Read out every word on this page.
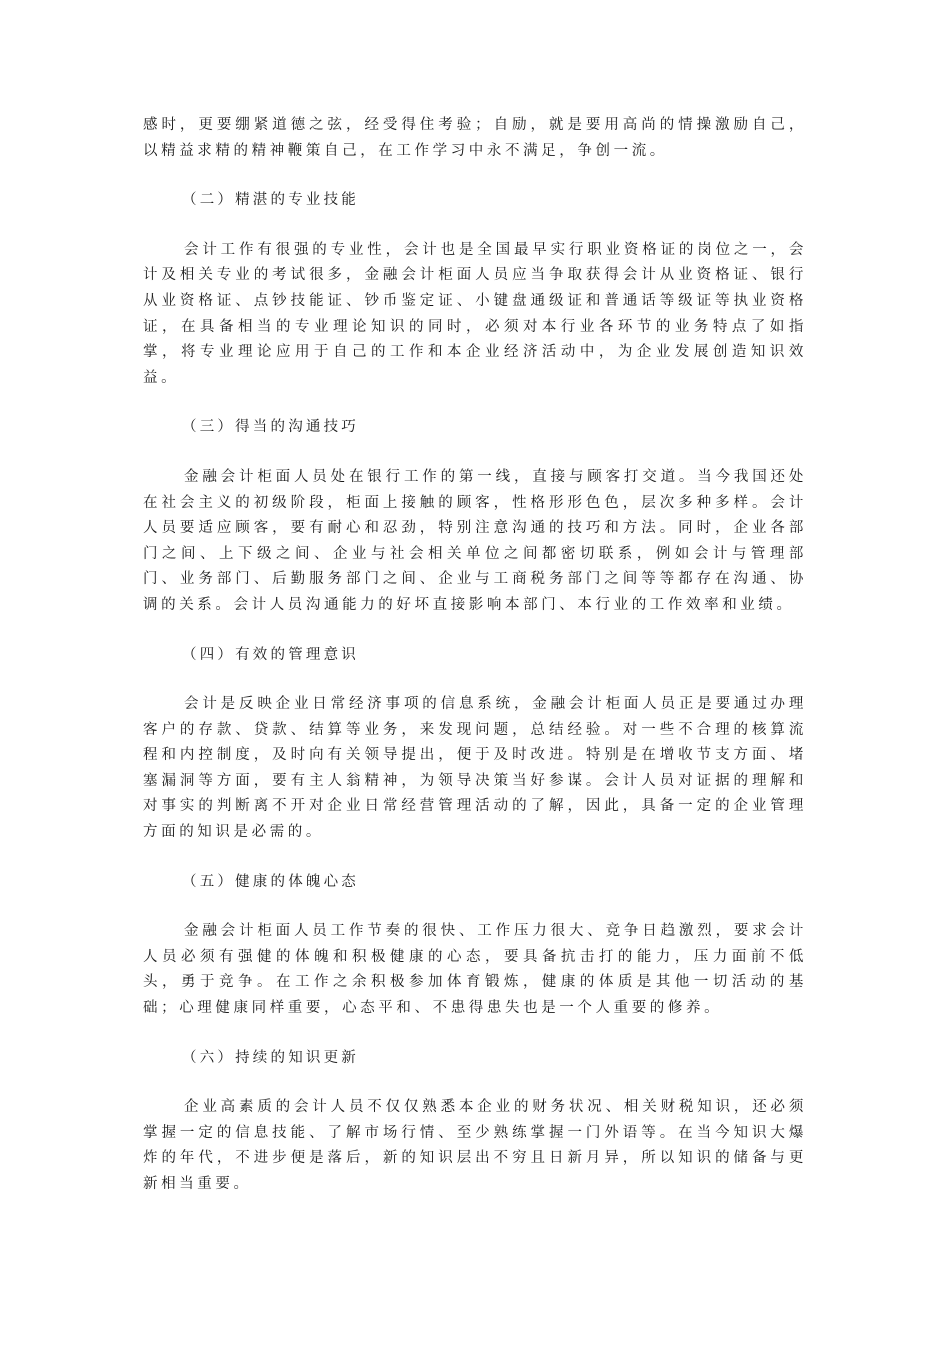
感时，更要绷紧道德之弦，经受得住考验；自励，就是要用高尚的情操激励自己，以精益求精的精神鞭策自己，在工作学习中永不满足，争创一流。

（二）精湛的专业技能

会计工作有很强的专业性，会计也是全国最早实行职业资格证的岗位之一，会计及相关专业的考试很多，金融会计柜面人员应当争取获得会计从业资格证、银行从业资格证、点钞技能证、钞币鉴定证、小键盘通级证和普通话等级证等执业资格证，在具备相当的专业理论知识的同时，必须对本行业各环节的业务特点了如指掌，将专业理论应用于自己的工作和本企业经济活动中，为企业发展创造知识效益。

（三）得当的沟通技巧

金融会计柜面人员处在银行工作的第一线，直接与顾客打交道。当今我国还处在社会主义的初级阶段，柜面上接触的顾客，性格形形色色，层次多种多样。会计人员要适应顾客，要有耐心和忍劲，特别注意沟通的技巧和方法。同时，企业各部门之间、上下级之间、企业与社会相关单位之间都密切联系，例如会计与管理部门、业务部门、后勤服务部门之间、企业与工商税务部门之间等等都存在沟通、协调的关系。会计人员沟通能力的好坏直接影响本部门、本行业的工作效率和业绩。

（四）有效的管理意识

会计是反映企业日常经济事项的信息系统，金融会计柜面人员正是要通过办理客户的存款、贷款、结算等业务，来发现问题，总结经验。对一些不合理的核算流程和内控制度，及时向有关领导提出，便于及时改进。特别是在增收节支方面、堵塞漏洞等方面，要有主人翁精神，为领导决策当好参谋。会计人员对证据的理解和对事实的判断离不开对企业日常经营管理活动的了解，因此，具备一定的企业管理方面的知识是必需的。

（五）健康的体魄心态

金融会计柜面人员工作节奏的很快、工作压力很大、竞争日趋激烈，要求会计人员必须有强健的体魄和积极健康的心态，要具备抗击打的能力，压力面前不低头，勇于竞争。在工作之余积极参加体育锻炼，健康的体质是其他一切活动的基础；心理健康同样重要，心态平和、不患得患失也是一个人重要的修养。

（六）持续的知识更新

企业高素质的会计人员不仅仅熟悉本企业的财务状况、相关财税知识，还必须掌握一定的信息技能、了解市场行情、至少熟练掌握一门外语等。在当今知识大爆炸的年代，不进步便是落后，新的知识层出不穷且日新月异，所以知识的储备与更新相当重要。
